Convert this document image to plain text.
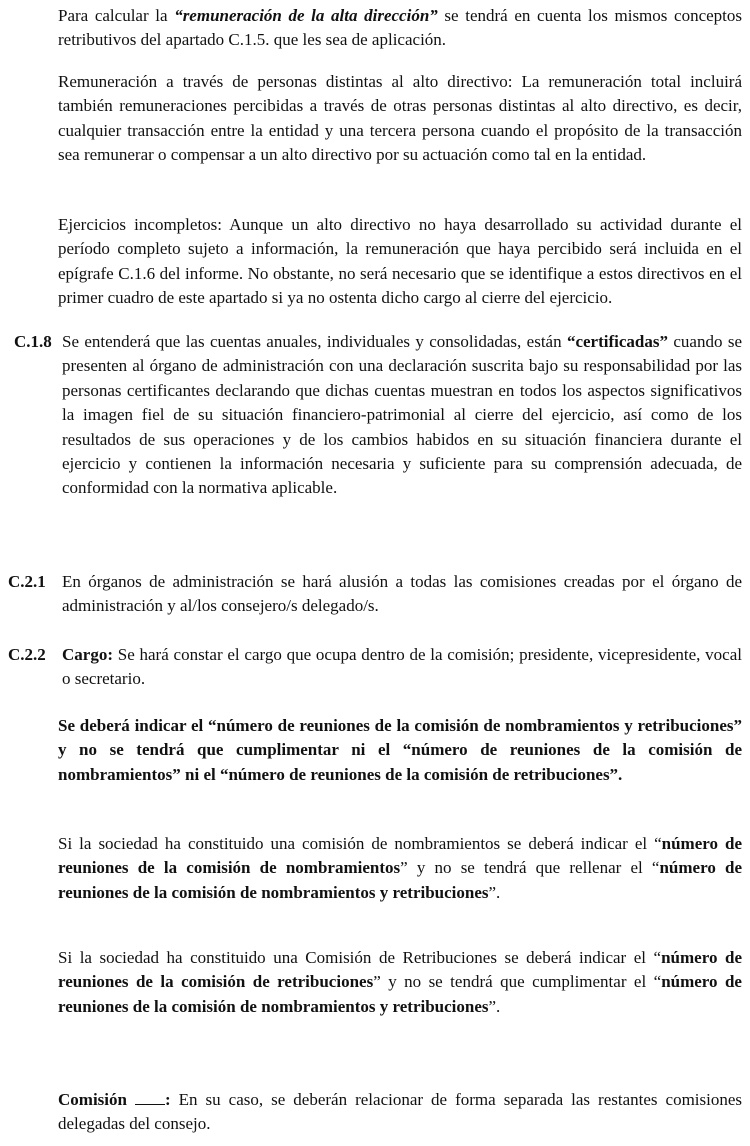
Para calcular la “remuneración de la alta dirección” se tendrá en cuenta los mismos conceptos retributivos del apartado C.1.5. que les sea de aplicación.

Remuneración a través de personas distintas al alto directivo: La remuneración total incluirá también remuneraciones percibidas a través de otras personas distintas al alto directivo, es decir, cualquier transacción entre la entidad y una tercera persona cuando el propósito de la transacción sea remunerar o compensar a un alto directivo por su actuación como tal en la entidad.

Ejercicios incompletos: Aunque un alto directivo no haya desarrollado su actividad durante el período completo sujeto a información, la remuneración que haya percibido será incluida en el epígrafe C.1.6 del informe. No obstante, no será necesario que se identifique a estos directivos en el primer cuadro de este apartado si ya no ostenta dicho cargo al cierre del ejercicio.

C.1.8 Se entenderá que las cuentas anuales, individuales y consolidadas, están “certificadas” cuando se presenten al órgano de administración con una declaración suscrita bajo su responsabilidad por las personas certificantes declarando que dichas cuentas muestran en todos los aspectos significativos la imagen fiel de su situación financiero-patrimonial al cierre del ejercicio, así como de los resultados de sus operaciones y de los cambios habidos en su situación financiera durante el ejercicio y contienen la información necesaria y suficiente para su comprensión adecuada, de conformidad con la normativa aplicable.

C.2.1 En órganos de administración se hará alusión a todas las comisiones creadas por el órgano de administración y al/los consejero/s delegado/s.

C.2.2 Cargo: Se hará constar el cargo que ocupa dentro de la comisión; presidente, vicepresidente, vocal o secretario.

Se deberá indicar el “número de reuniones de la comisión de nombramientos y retribuciones” y no se tendrá que cumplimentar ni el “número de reuniones de la comisión de nombramientos” ni el “número de reuniones de la comisión de retribuciones”.

Si la sociedad ha constituido una comisión de nombramientos se deberá indicar el “número de reuniones de la comisión de nombramientos” y no se tendrá que rellenar el “número de reuniones de la comisión de nombramientos y retribuciones”.

Si la sociedad ha constituido una Comisión de Retribuciones se deberá indicar el “número de reuniones de la comisión de retribuciones” y no se tendrá que cumplimentar el “número de reuniones de la comisión de nombramientos y retribuciones”.

Comisión : En su caso, se deberán relacionar de forma separada las restantes comisiones delegadas del consejo.
